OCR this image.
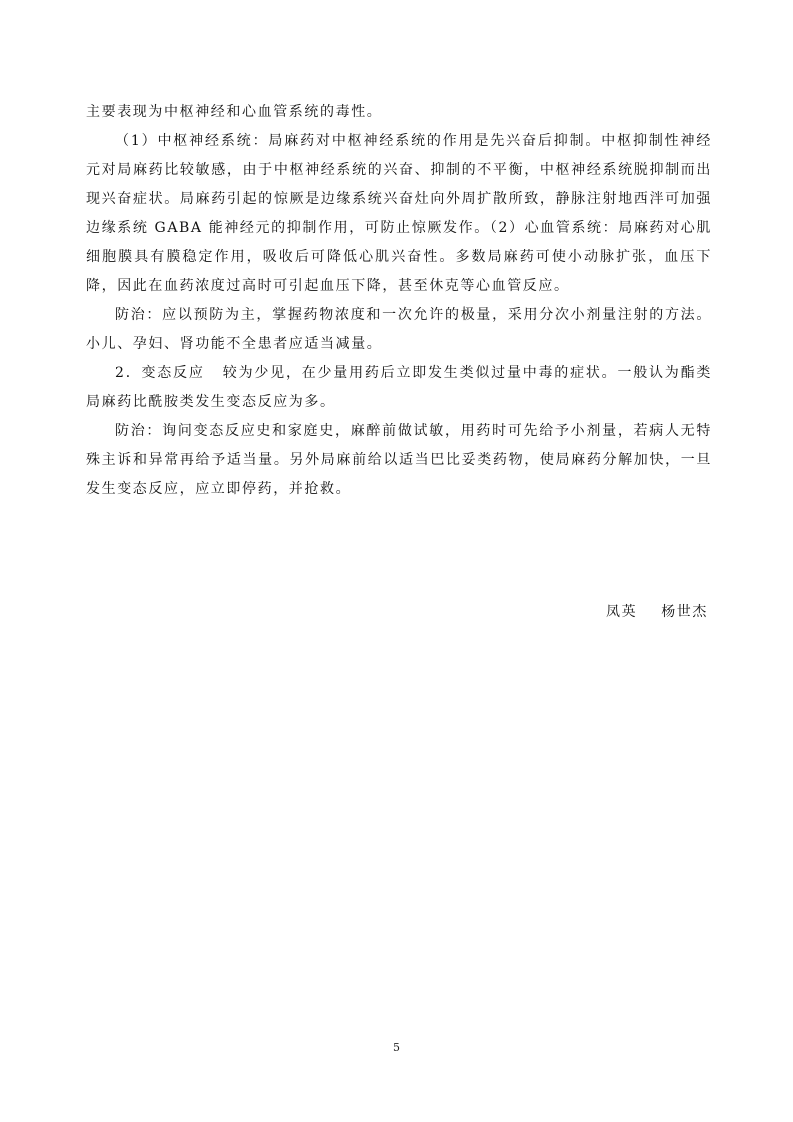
主要表现为中枢神经和心血管系统的毒性。

（1）中枢神经系统：局麻药对中枢神经系统的作用是先兴奋后抑制。中枢抑制性神经元对局麻药比较敏感，由于中枢神经系统的兴奋、抑制的不平衡，中枢神经系统脱抑制而出现兴奋症状。局麻药引起的惊厥是边缘系统兴奋灶向外周扩散所致，静脉注射地西泮可加强边缘系统 GABA 能神经元的抑制作用，可防止惊厥发作。（2）心血管系统：局麻药对心肌细胞膜具有膜稳定作用，吸收后可降低心肌兴奋性。多数局麻药可使小动脉扩张，血压下降，因此在血药浓度过高时可引起血压下降，甚至休克等心血管反应。

防治：应以预防为主，掌握药物浓度和一次允许的极量，采用分次小剂量注射的方法。小儿、孕妇、肾功能不全患者应适当减量。

2．变态反应 较为少见，在少量用药后立即发生类似过量中毒的症状。一般认为酯类局麻药比酰胺类发生变态反应为多。

防治：询问变态反应史和家庭史，麻醉前做试敏，用药时可先给予小剂量，若病人无特殊主诉和异常再给予适当量。另外局麻前给以适当巴比妥类药物，使局麻药分解加快，一旦发生变态反应，应立即停药，并抢救。

凤英 杨世杰
5
